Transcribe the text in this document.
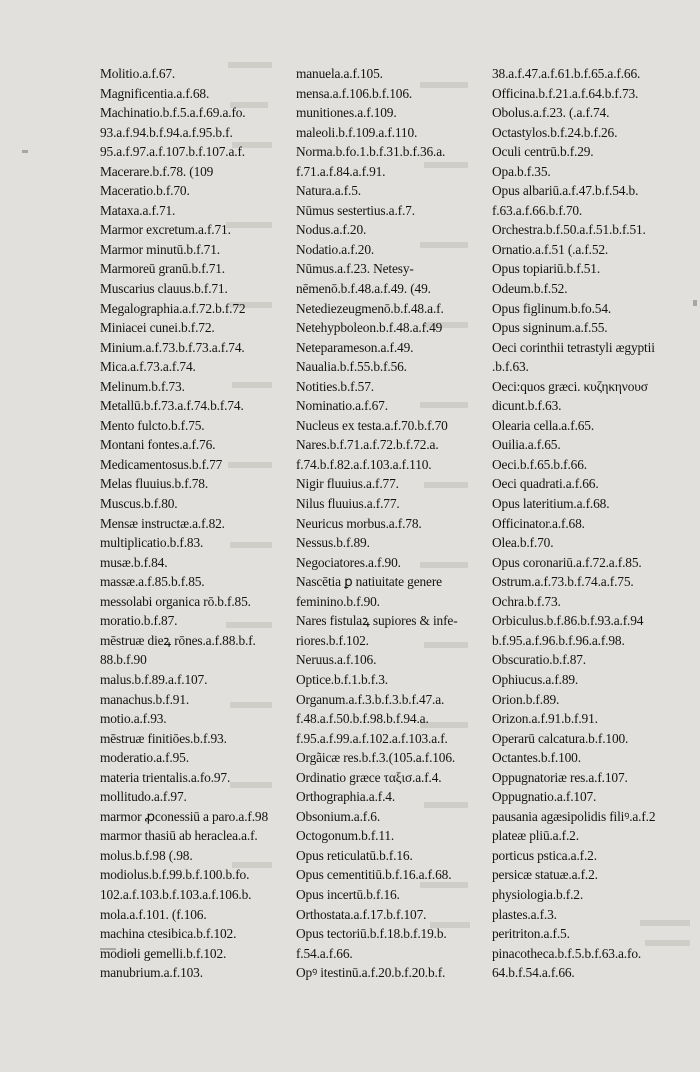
Molitio.a.f.67.
Magnificentia.a.f.68.
Machinatio.b.f.5.a.f.69.a.fo.
93.a.f.94.b.f.94.a.f.95.b.f.
95.a.f.97.a.f.107.b.f.107.a.f.
Macerare.b.f.78. (109
Maceratio.b.f.70.
Mataxa.a.f.71.
Marmor excretum.a.f.71.
Marmor minutū.b.f.71.
Marmoreū granū.b.f.71.
Muscarius clauus.b.f.71.
Megalographia.a.f.72.b.f.72
Miniacei cunei.b.f.72.
Minium.a.f.73.b.f.73.a.f.74.
Mica.a.f.73.a.f.74.
Melinum.b.f.73.
Metallū.b.f.73.a.f.74.b.f.74.
Mento fulcto.b.f.75.
Montani fontes.a.f.76.
Medicamentosus.b.f.77
Melas fluuius.b.f.78.
Muscus.b.f.80.
Mensæ instructæ.a.f.82.
multiplicatio.b.f.83.
musæ.b.f.84.
massæ.a.f.85.b.f.85.
messolabi organica rō.b.f.85.
moratio.b.f.87.
mēstruæ dieꝝ rōnes.a.f.88.b.f.
88.b.f.90
malus.b.f.89.a.f.107.
manachus.b.f.91.
motio.a.f.93.
mēstruæ finitiōes.b.f.93.
moderatio.a.f.95.
materia trientalis.a.fo.97.
mollitudo.a.f.97.
marmor ꝓconessiū a paro.a.f.98
marmor thasiū ab heraclea.a.f.
molus.b.f.98 (.98.
modiolus.b.f.99.b.f.100.b.fo.
102.a.f.103.b.f.103.a.f.106.b.
mola.a.f.101. (f.106.
machina ctesibica.b.f.102.
modioli gemelli.b.f.102.
manubrium.a.f.103.
manuela.a.f.105.
mensa.a.f.106.b.f.106.
munitiones.a.f.109.
maleoli.b.f.109.a.f.110.
Norma.b.fo.1.b.f.31.b.f.36.a.
f.71.a.f.84.a.f.91.
Natura.a.f.5.
Nūmus sestertius.a.f.7.
Nodus.a.f.20.
Nodatio.a.f.20.
Nūmus.a.f.23. Netesy-
nēmenō.b.f.48.a.f.49. (49.
Netediezeugmenō.b.f.48.a.f.
Netehypboleon.b.f.48.a.f.49
Neteparameson.a.f.49.
Naualia.b.f.55.b.f.56.
Notities.b.f.57.
Nominatio.a.f.67.
Nucleus ex testa.a.f.70.b.f.70
Nares.b.f.71.a.f.72.b.f.72.a.
f.74.b.f.82.a.f.103.a.f.110.
Nigir fluuius.a.f.77.
Nilus fluuius.a.f.77.
Neuricus morbus.a.f.78.
Nessus.b.f.89.
Negociatores.a.f.90.
Nascētia ꝑ natiuitate genere
feminino.b.f.90.
Nares fistulaꝝ supiores & infe-
riores.b.f.102.
Neruus.a.f.106.
Optice.b.f.1.b.f.3.
Organum.a.f.3.b.f.3.b.f.47.a.
f.48.a.f.50.b.f.98.b.f.94.a.
f.95.a.f.99.a.f.102.a.f.103.a.f.
Orgãicæ res.b.f.3.(105.a.f.106.
Ordinatio græce ταξισ.a.f.4.
Orthographia.a.f.4.
Obsonium.a.f.6.
Octogonum.b.f.11.
Opus reticulatū.b.f.16.
Opus cementitiū.b.f.16.a.f.68.
Opus incertū.b.f.16.
Orthostata.a.f.17.b.f.107.
Opus tectoriū.b.f.18.b.f.19.b.
f.54.a.f.66.
Opꝰ itestinū.a.f.20.b.f.20.b.f.
38.a.f.47.a.f.61.b.f.65.a.f.66.
Officina.b.f.21.a.f.64.b.f.73.
Obolus.a.f.23. (.a.f.74.
Octastylos.b.f.24.b.f.26.
Oculi centrū.b.f.29.
Opa.b.f.35.
Opus albariū.a.f.47.b.f.54.b.
f.63.a.f.66.b.f.70.
Orchestra.b.f.50.a.f.51.b.f.51.
Ornatio.a.f.51 (.a.f.52.
Opus topiariū.b.f.51.
Odeum.b.f.52.
Opus figlinum.b.fo.54.
Opus signinum.a.f.55.
Oeci corinthii tetrastyli ægyptii
.b.f.63.
Oeci:quos græci. κυζηκηνουσ
dicunt.b.f.63.
Olearia cella.a.f.65.
Ouilia.a.f.65.
Oeci.b.f.65.b.f.66.
Oeci quadrati.a.f.66.
Opus lateritium.a.f.68.
Officinator.a.f.68.
Olea.b.f.70.
Opus coronariū.a.f.72.a.f.85.
Ostrum.a.f.73.b.f.74.a.f.75.
Ochra.b.f.73.
Orbiculus.b.f.86.b.f.93.a.f.94
b.f.95.a.f.96.b.f.96.a.f.98.
Obscuratio.b.f.87.
Ophiucus.a.f.89.
Orion.b.f.89.
Orizon.a.f.91.b.f.91.
Operarū calcatura.b.f.100.
Octantes.b.f.100.
Oppugnatoriæ res.a.f.107.
Oppugnatio.a.f.107.
pausania agæsipolidis filiꝰ.a.f.2
plateæ pliū.a.f.2.
porticus pstica.a.f.2.
persicæ statuæ.a.f.2.
physiologia.b.f.2.
plastes.a.f.3.
peritriton.a.f.5.
pinacotheca.b.f.5.b.f.63.a.fo.
64.b.f.54.a.f.66.
